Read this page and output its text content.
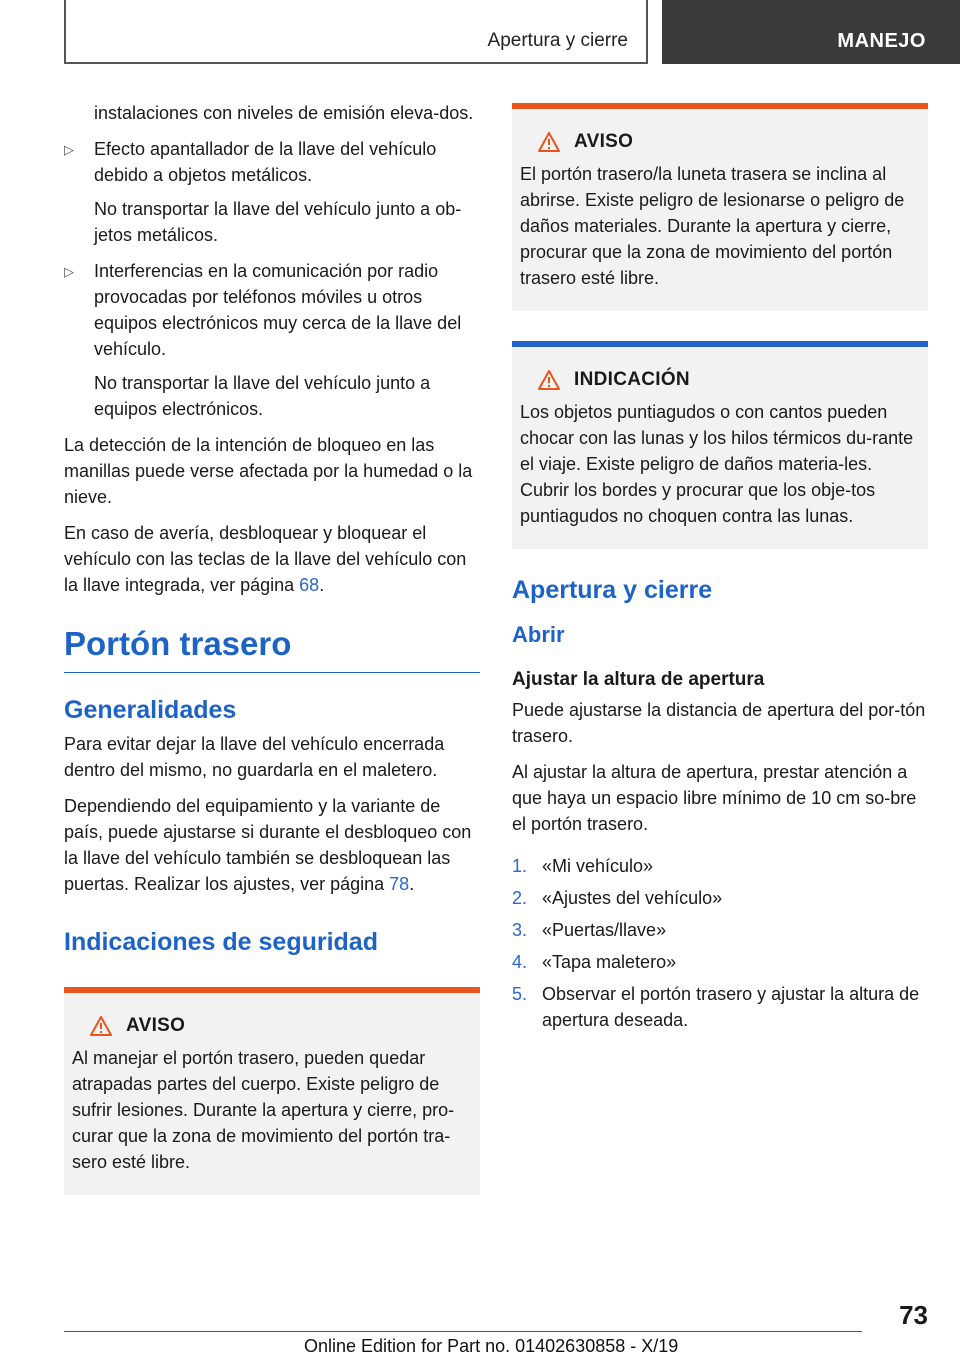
Apertura y cierre	MANEJO

instalaciones con niveles de emisión eleva-dos.

▷ Efecto apantallador de la llave del vehículo debido a objetos metálicos.

No transportar la llave del vehículo junto a ob-jetos metálicos.

▷ Interferencias en la comunicación por radio provocadas por teléfonos móviles u otros equipos electrónicos muy cerca de la llave del vehículo.

No transportar la llave del vehículo junto a equipos electrónicos.

La detección de la intención de bloqueo en las manillas puede verse afectada por la humedad o la nieve.

En caso de avería, desbloquear y bloquear el vehículo con las teclas de la llave del vehículo con la llave integrada, ver página 68.

Portón trasero
Generalidades

Para evitar dejar la llave del vehículo encerrada dentro del mismo, no guardarla en el maletero.

Dependiendo del equipamiento y la variante de país, puede ajustarse si durante el desbloqueo con la llave del vehículo también se desbloquean las puertas. Realizar los ajustes, ver página 78.

Indicaciones de seguridad
AVISO
Al manejar el portón trasero, pueden quedar atrapadas partes del cuerpo. Existe peligro de sufrir lesiones. Durante la apertura y cierre, pro-curar que la zona de movimiento del portón tra-sero esté libre.
AVISO
El portón trasero/la luneta trasera se inclina al abrirse. Existe peligro de lesionarse o peligro de daños materiales. Durante la apertura y cierre, procurar que la zona de movimiento del portón trasero esté libre.
INDICACIÓN
Los objetos puntiagudos o con cantos pueden chocar con las lunas y los hilos térmicos du-rante el viaje. Existe peligro de daños materia-les. Cubrir los bordes y procurar que los obje-tos puntiagudos no choquen contra las lunas.
Apertura y cierre
Abrir
Ajustar la altura de apertura

Puede ajustarse la distancia de apertura del por-tón trasero.

Al ajustar la altura de apertura, prestar atención a que haya un espacio libre mínimo de 10 cm so-bre el portón trasero.

1. «Mi vehículo»
2. «Ajustes del vehículo»
3. «Puertas/llave»
4. «Tapa maletero»
5. Observar el portón trasero y ajustar la altura de apertura deseada.
73
Online Edition for Part no. 01402630858 - X/19
